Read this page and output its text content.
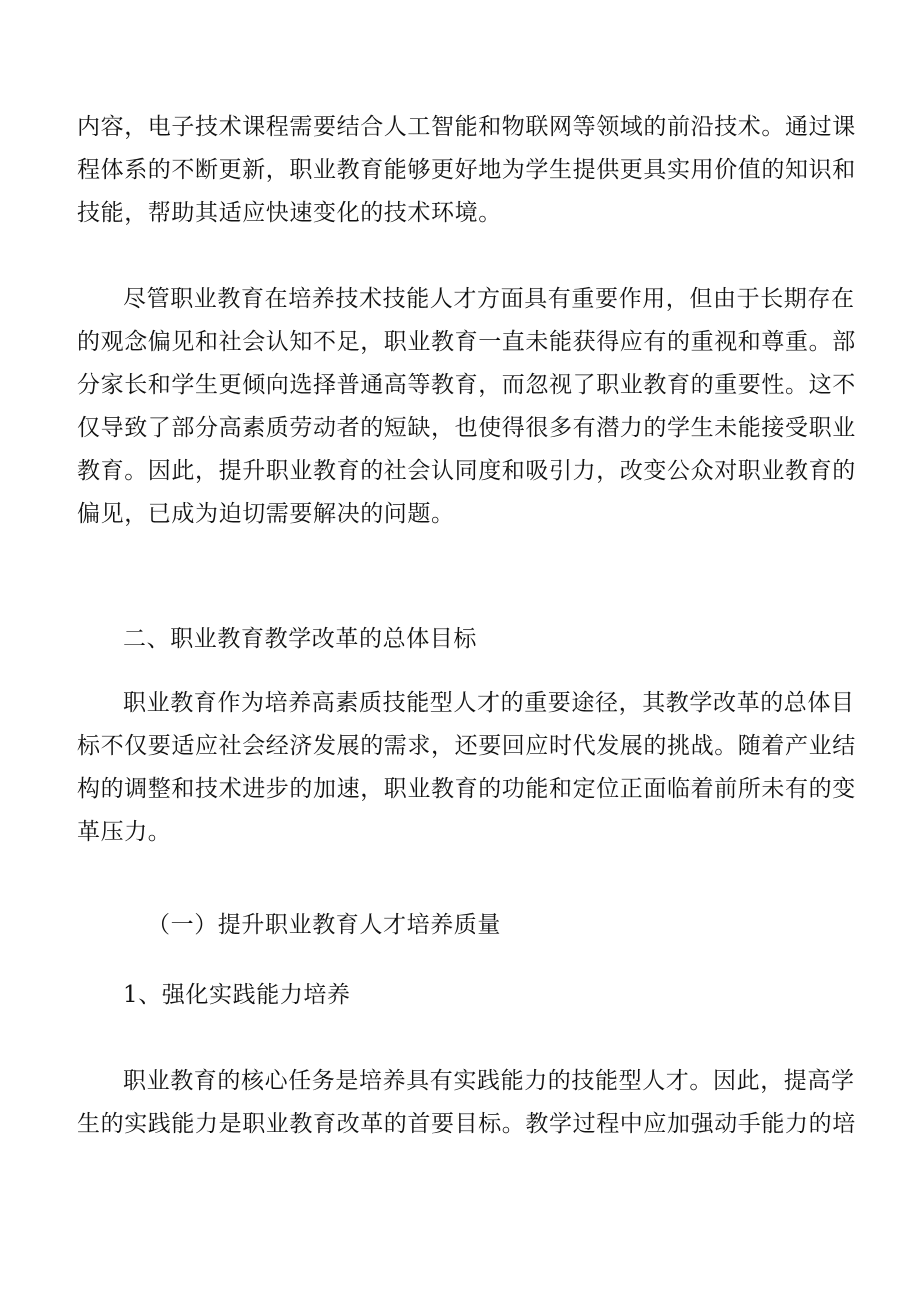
内容，电子技术课程需要结合人工智能和物联网等领域的前沿技术。通过课
程体系的不断更新，职业教育能够更好地为学生提供更具实用价值的知识和
技能，帮助其适应快速变化的技术环境。
尽管职业教育在培养技术技能人才方面具有重要作用，但由于长期存在
的观念偏见和社会认知不足，职业教育一直未能获得应有的重视和尊重。部
分家长和学生更倾向选择普通高等教育，而忽视了职业教育的重要性。这不
仅导致了部分高素质劳动者的短缺，也使得很多有潜力的学生未能接受职业
教育。因此，提升职业教育的社会认同度和吸引力，改变公众对职业教育的
偏见，已成为迫切需要解决的问题。
二、职业教育教学改革的总体目标
职业教育作为培养高素质技能型人才的重要途径，其教学改革的总体目
标不仅要适应社会经济发展的需求，还要回应时代发展的挑战。随着产业结
构的调整和技术进步的加速，职业教育的功能和定位正面临着前所未有的变
革压力。
（一）提升职业教育人才培养质量
1、强化实践能力培养
职业教育的核心任务是培养具有实践能力的技能型人才。因此，提高学
生的实践能力是职业教育改革的首要目标。教学过程中应加强动手能力的培
